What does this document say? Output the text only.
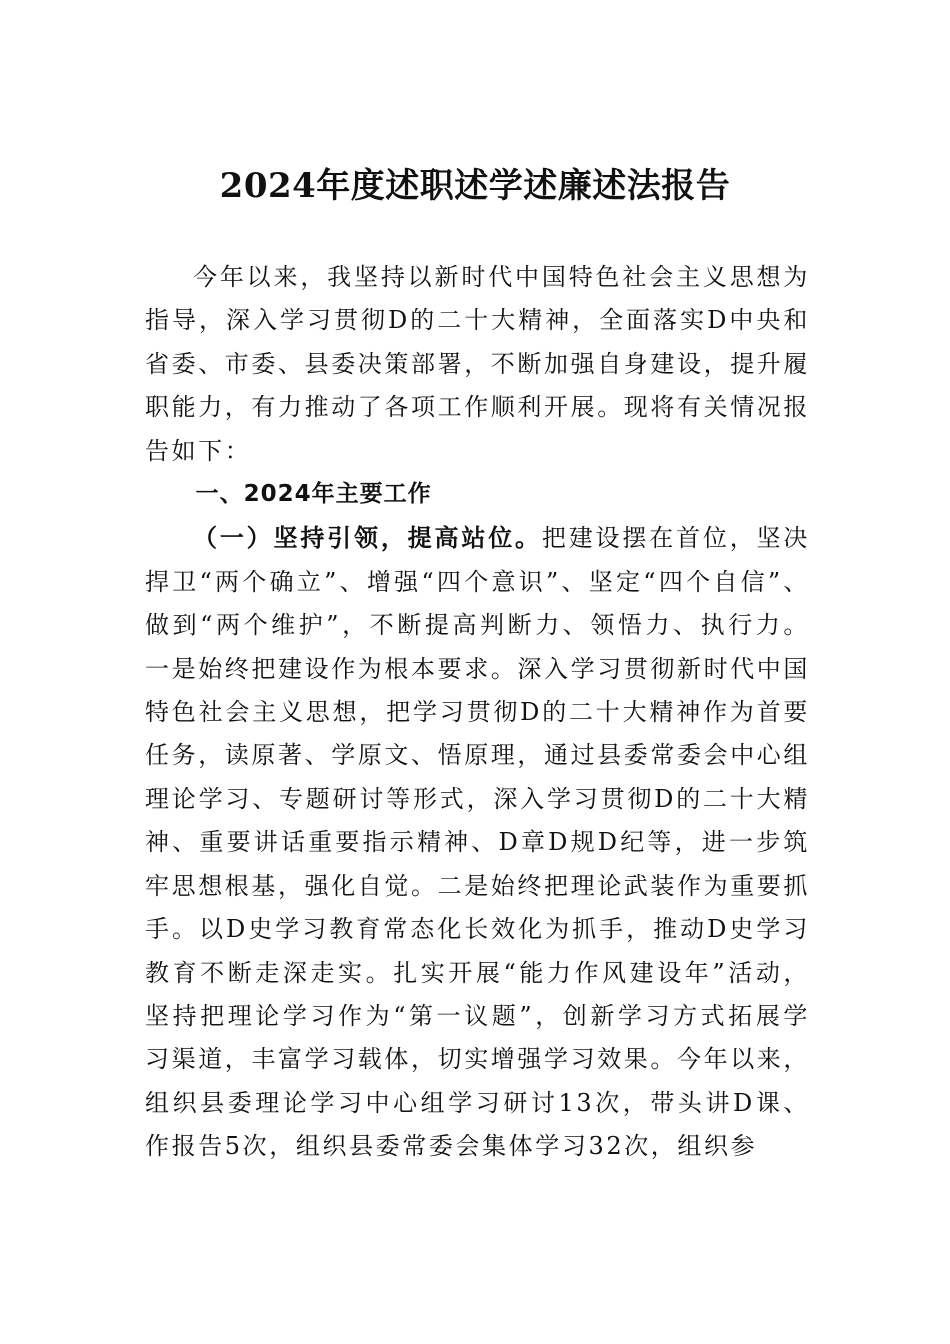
2024年度述职述学述廉述法报告

今年以来，我坚持以新时代中国特色社会主义思想为指导，深入学习贯彻D的二十大精神，全面落实D中央和省委、市委、县委决策部署，不断加强自身建设，提升履职能力，有力推动了各项工作顺利开展。现将有关情况报告如下：

一、2024年主要工作

（一）坚持引领，提高站位。把建设摆在首位，坚决捍卫“两个确立”、增强“四个意识”、坚定“四个自信”、做到“两个维护”，不断提高判断力、领悟力、执行力。一是始终把建设作为根本要求。深入学习贯彻新时代中国特色社会主义思想，把学习贯彻D的二十大精神作为首要任务，读原著、学原文、悟原理，通过县委常委会中心组理论学习、专题研讨等形式，深入学习贯彻D的二十大精神、重要讲话重要指示精神、D章D规D纪等，进一步筑牢思想根基，强化自觉。二是始终把理论武装作为重要抓手。以D史学习教育常态化长效化为抓手，推动D史学习教育不断走深走实。扎实开展“能力作风建设年”活动，坚持把理论学习作为“第一议题”，创新学习方式拓展学习渠道，丰富学习载体，切实增强学习效果。今年以来，组织县委理论学习中心组学习研讨13次，带头讲D课、作报告5次，组织县委常委会集体学习32次，组织参
